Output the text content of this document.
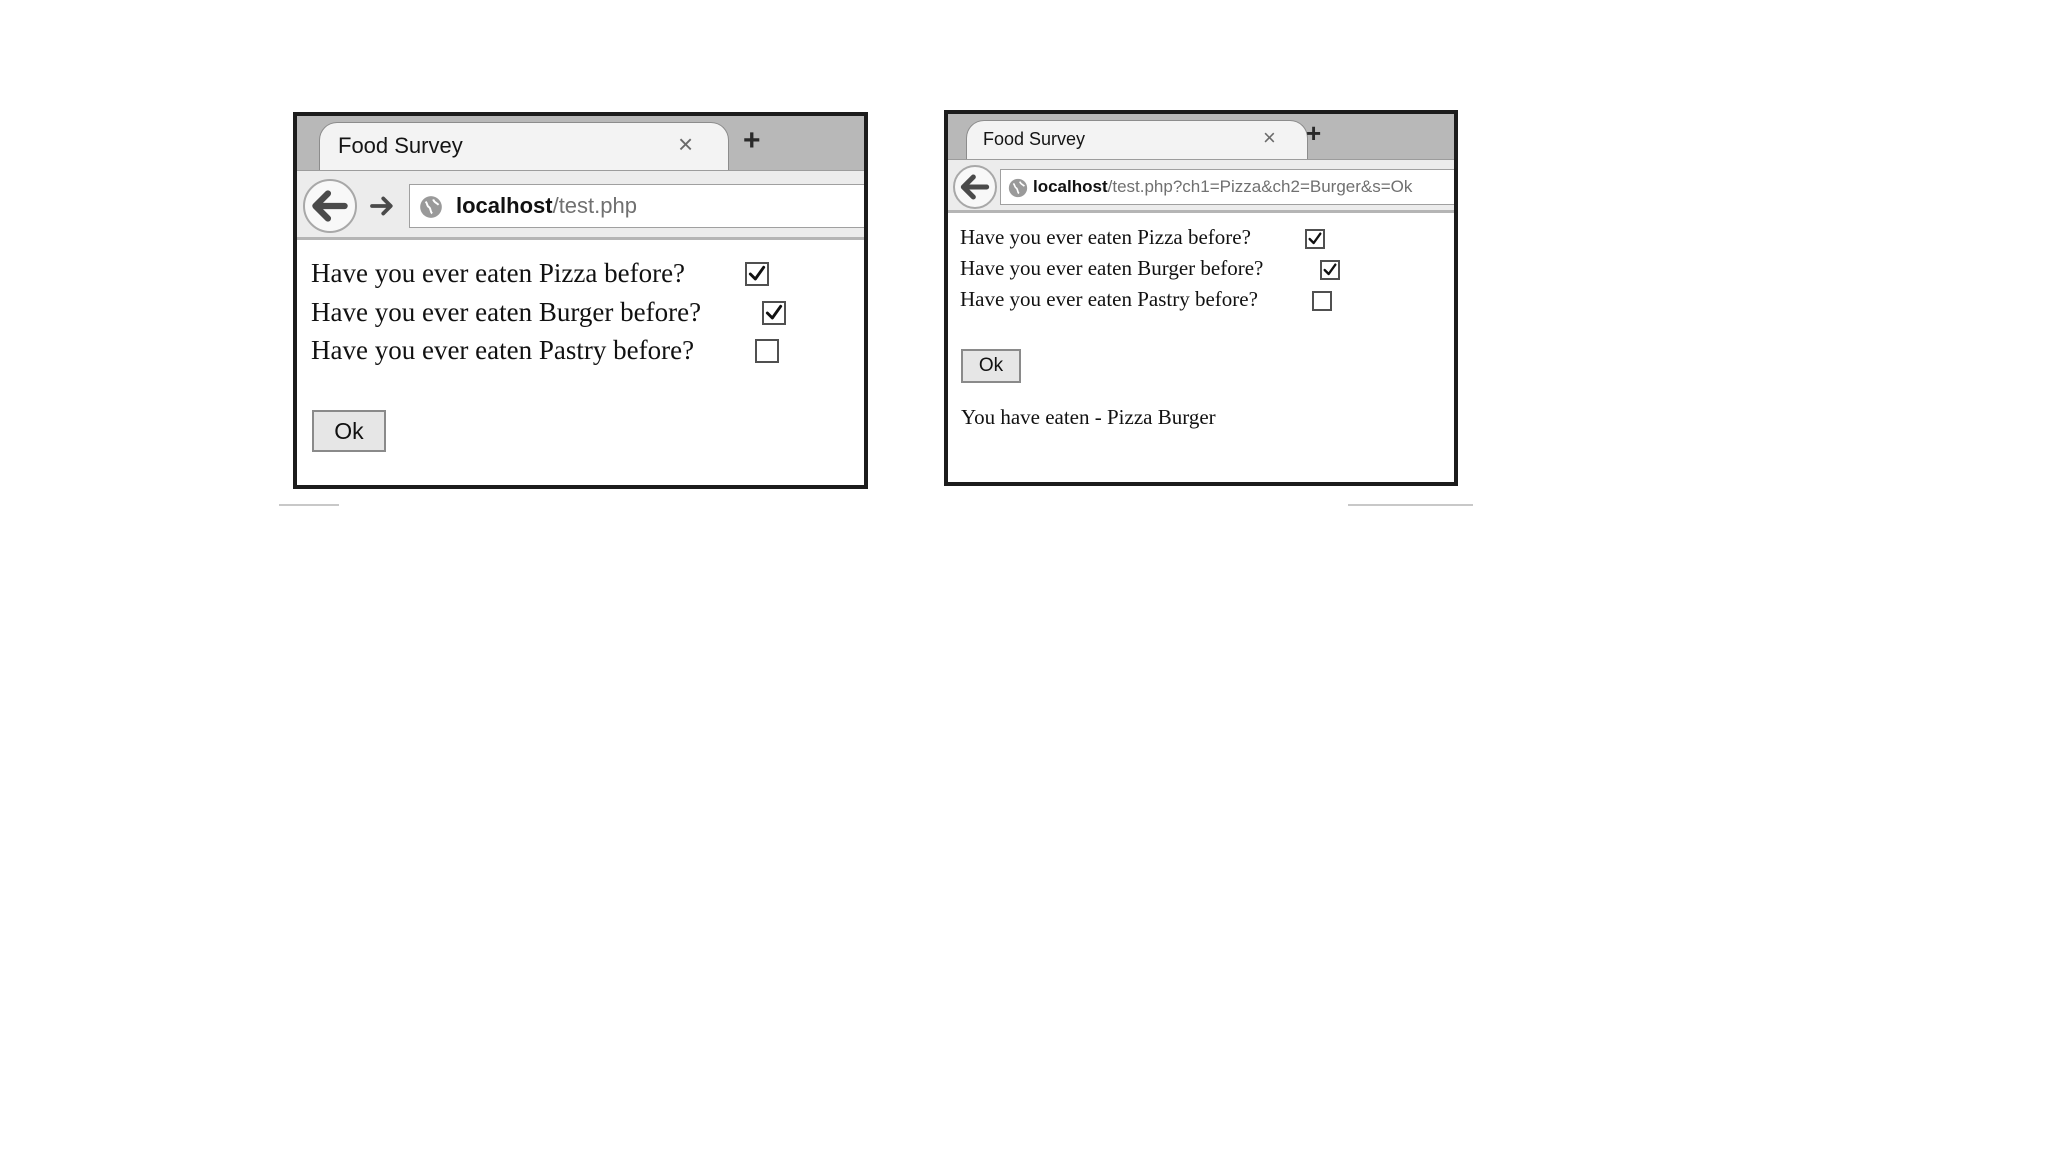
Food Survey	× +
localhost/test.php
Have you ever eaten Pizza before?
Have you ever eaten Burger before?
Have you ever eaten Pastry before?
Ok
Food Survey	× +
localhost/test.php?ch1=Pizza&ch2=Burger&s=Ok
Have you ever eaten Pizza before?
Have you ever eaten Burger before?
Have you ever eaten Pastry before?
Ok
You have eaten - Pizza Burger
